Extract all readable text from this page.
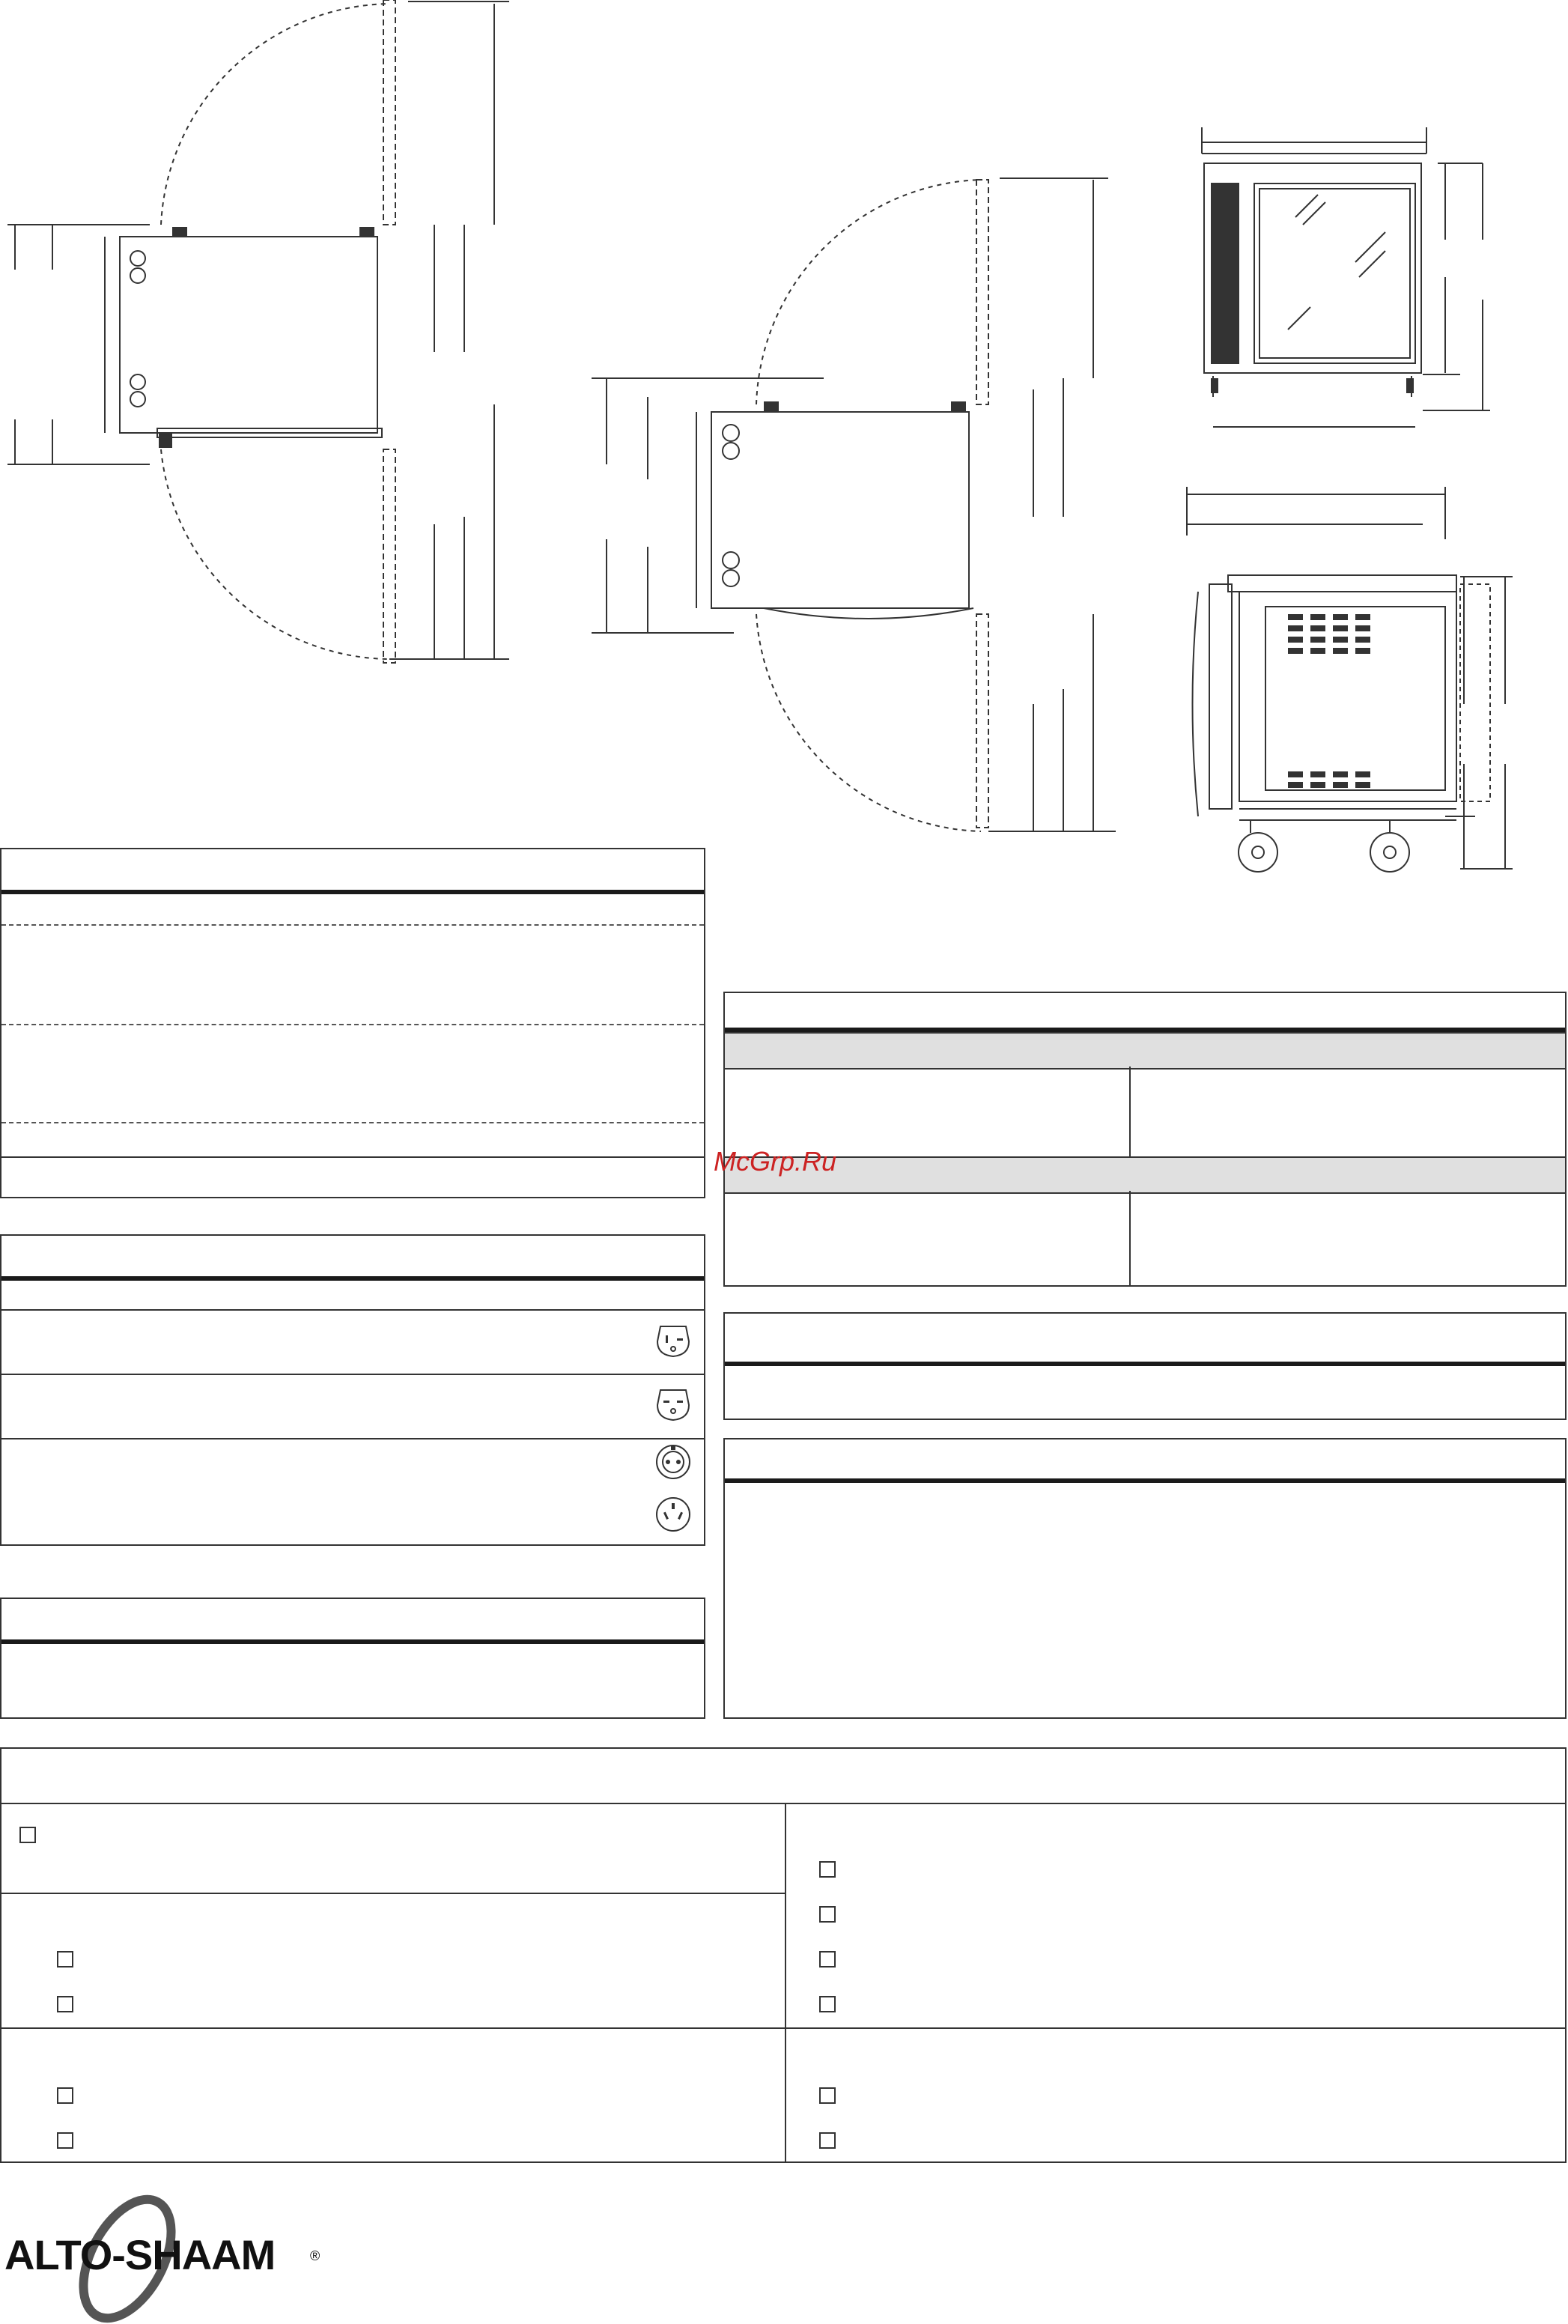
McGrp.Ru
ALTO-SHAAM	®
